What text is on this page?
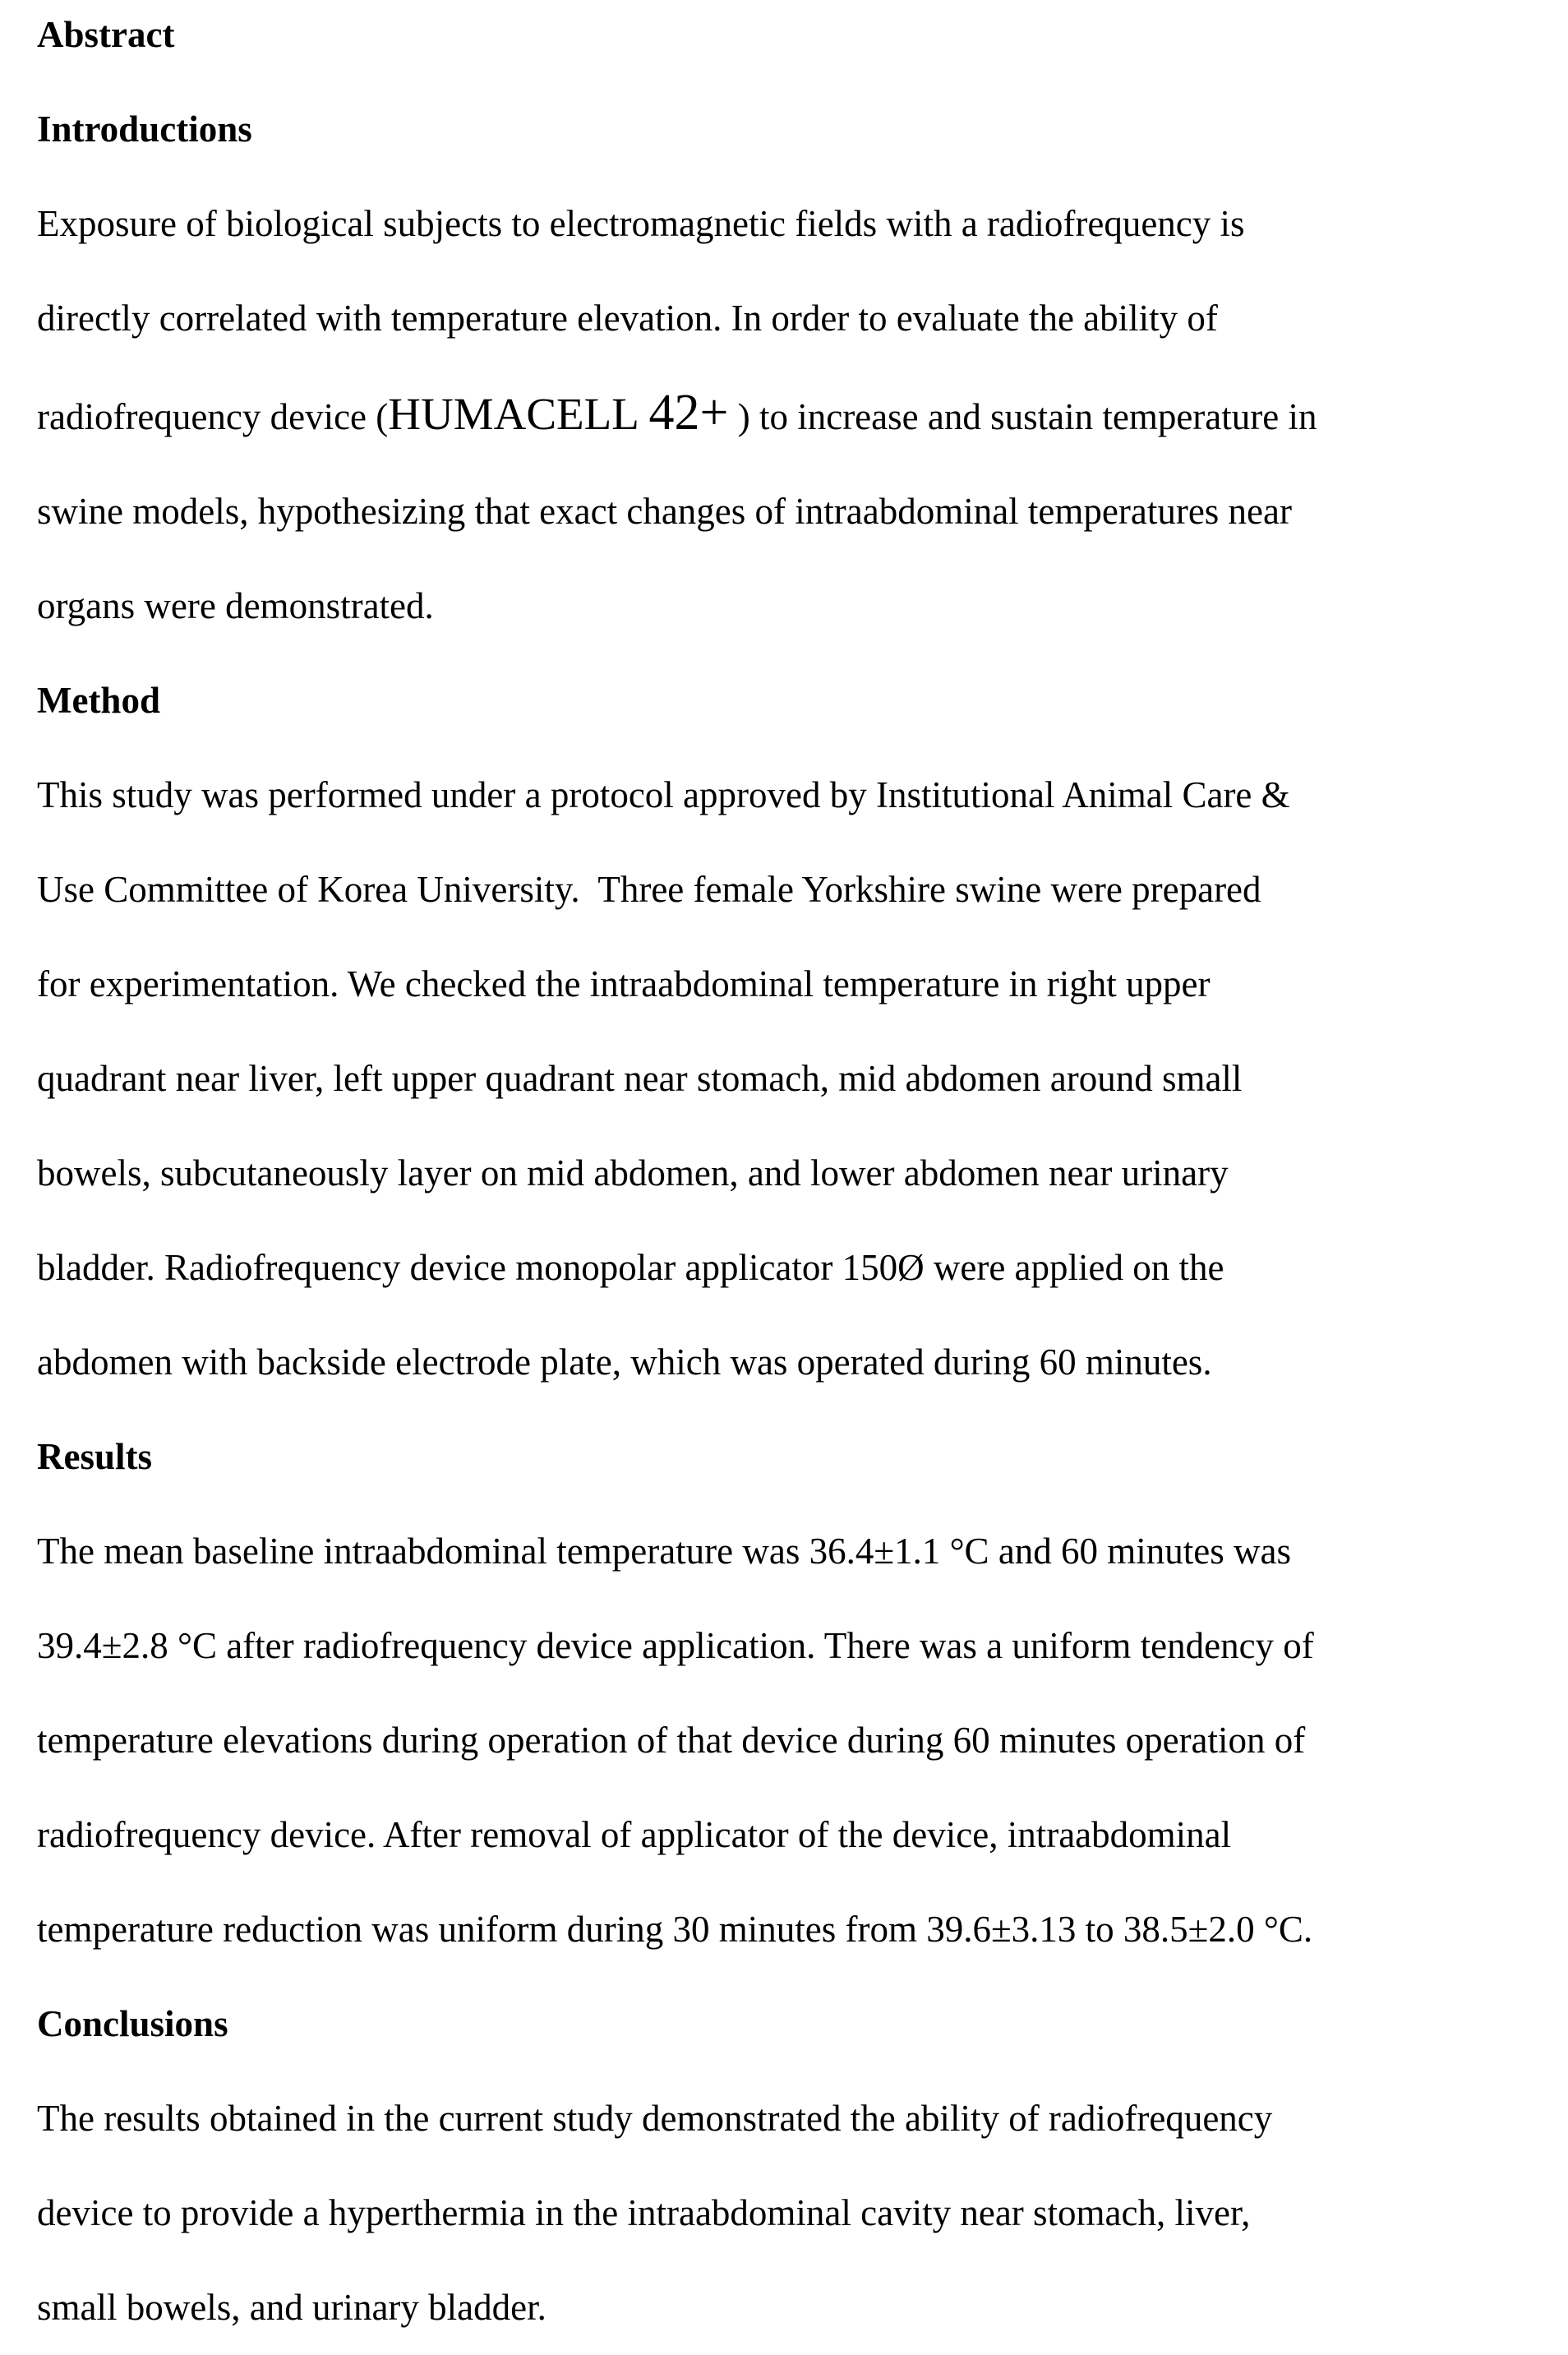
Abstract
Introductions
Exposure of biological subjects to electromagnetic fields with a radiofrequency is
directly correlated with temperature elevation. In order to evaluate the ability of
radiofrequency device (HUMACELL 42+ ) to increase and sustain temperature in
swine models, hypothesizing that exact changes of intraabdominal temperatures near
organs were demonstrated.
Method
This study was performed under a protocol approved by Institutional Animal Care &
Use Committee of Korea University.  Three female Yorkshire swine were prepared
for experimentation. We checked the intraabdominal temperature in right upper
quadrant near liver, left upper quadrant near stomach, mid abdomen around small
bowels, subcutaneously layer on mid abdomen, and lower abdomen near urinary
bladder. Radiofrequency device monopolar applicator 150Ø were applied on the
abdomen with backside electrode plate, which was operated during 60 minutes.
Results
The mean baseline intraabdominal temperature was 36.4±1.1 °C and 60 minutes was
39.4±2.8 °C after radiofrequency device application. There was a uniform tendency of
temperature elevations during operation of that device during 60 minutes operation of
radiofrequency device. After removal of applicator of the device, intraabdominal
temperature reduction was uniform during 30 minutes from 39.6±3.13 to 38.5±2.0 °C.
Conclusions
The results obtained in the current study demonstrated the ability of radiofrequency
device to provide a hyperthermia in the intraabdominal cavity near stomach, liver,
small bowels, and urinary bladder.
